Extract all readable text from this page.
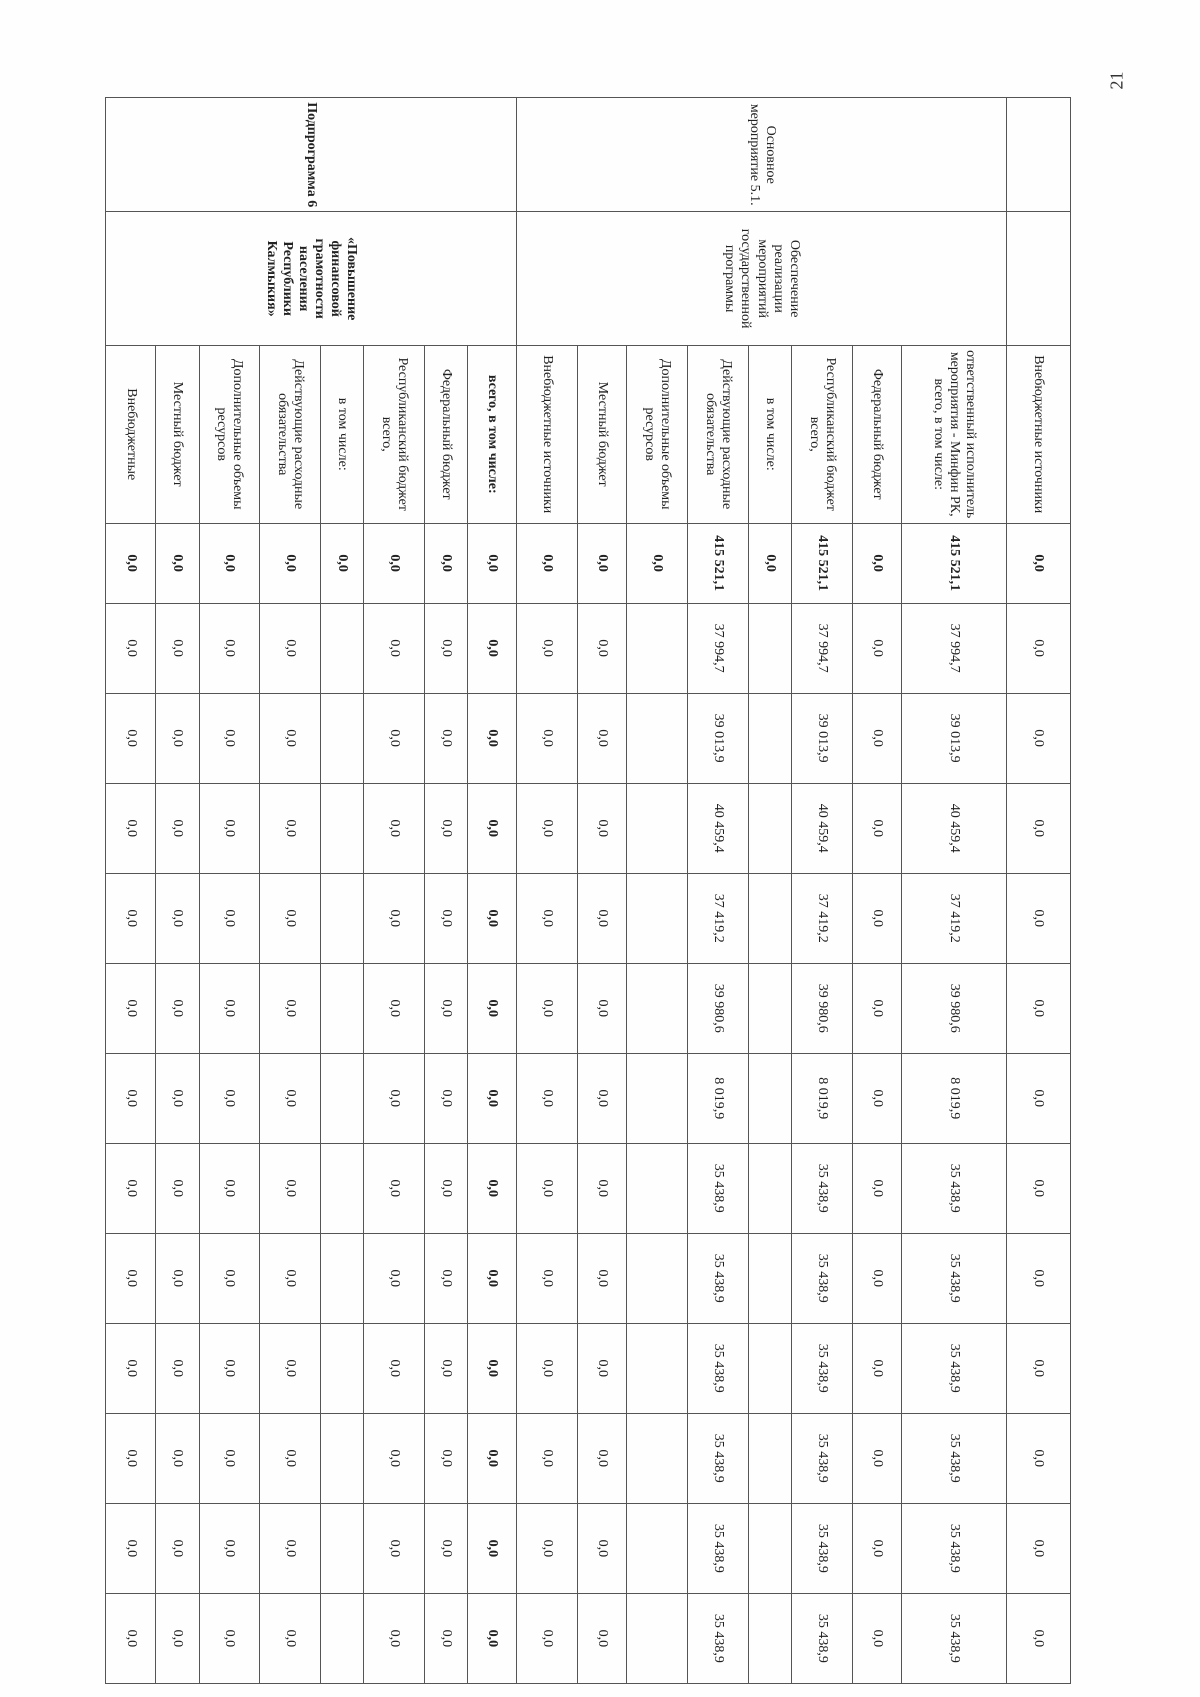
21
		Внебюджетные источники	0,0	0,0	0,0	0,0	0,0	0,0	0,0	0,0	0,0	0,0	0,0	0,0	0,0
Основное мероприятие 5.1.	Обеспечение реализации мероприятий государственной программы	ответственный исполнитель мероприятия - Минфин РК, всего, в том числе:	415 521,1	37 994,7	39 013,9	40 459,4	37 419,2	39 980,6	8 019,9	35 438,9	35 438,9	35 438,9	35 438,9	35 438,9	35 438,9
		Федеральный бюджет	0,0	0,0	0,0	0,0	0,0	0,0	0,0	0,0	0,0	0,0	0,0	0,0	0,0
		Республиканский бюджет всего,	415 521,1	37 994,7	39 013,9	40 459,4	37 419,2	39 980,6	8 019,9	35 438,9	35 438,9	35 438,9	35 438,9	35 438,9	35 438,9
		в том числе:	0,0												
		Действующие расходные обязательства	415 521,1	37 994,7	39 013,9	40 459,4	37 419,2	39 980,6	8 019,9	35 438,9	35 438,9	35 438,9	35 438,9	35 438,9	35 438,9
		Дополнительные объемы ресурсов	0,0												
		Местный бюджет	0,0	0,0	0,0	0,0	0,0	0,0	0,0	0,0	0,0	0,0	0,0	0,0	0,0
		Внебюджетные источники	0,0	0,0	0,0	0,0	0,0	0,0	0,0	0,0	0,0	0,0	0,0	0,0	0,0
Подпрограмма 6	«Повышение финансовой грамотности населения Республики Калмыкия»	всего, в том числе:	0,0	0,0	0,0	0,0	0,0	0,0	0,0	0,0	0,0	0,0	0,0	0,0	0,0
		Федеральный бюджет	0,0	0,0	0,0	0,0	0,0	0,0	0,0	0,0	0,0	0,0	0,0	0,0	0,0
		Республиканский бюджет всего,	0,0	0,0	0,0	0,0	0,0	0,0	0,0	0,0	0,0	0,0	0,0	0,0	0,0
		в том числе:	0,0												
		Действующие расходные обязательства	0,0	0,0	0,0	0,0	0,0	0,0	0,0	0,0	0,0	0,0	0,0	0,0	0,0
		Дополнительные объемы ресурсов	0,0	0,0	0,0	0,0	0,0	0,0	0,0	0,0	0,0	0,0	0,0	0,0	0,0
		Местный бюджет	0,0	0,0	0,0	0,0	0,0	0,0	0,0	0,0	0,0	0,0	0,0	0,0	0,0
		Внебюджетные	0,0	0,0	0,0	0,0	0,0	0,0	0,0	0,0	0,0	0,0	0,0	0,0	0,0
